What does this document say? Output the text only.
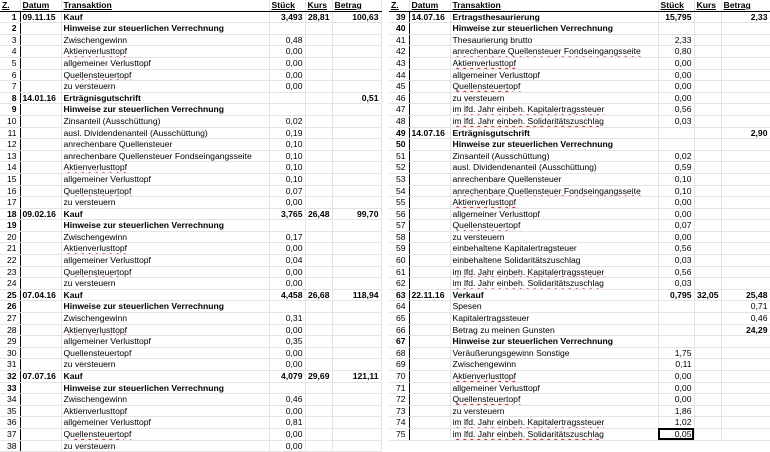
Z.	Datum	Transaktion	Stück	Kurs	Betrag
1	09.11.15	Kauf	3,493	28,81	100,63
2		Hinweise zur steuerlichen Verrechnung			
3		Zwischengewinn	0,48		
4		Aktienverlusttopf	0,00		
5		allgemeiner Verlusttopf	0,00		
6		Quellensteuertopf	0,00		
7		zu versteuern	0,00		
8	14.01.16	Erträgnisgutschrift			0,51
9		Hinweise zur steuerlichen Verrechnung			
10		Zinsanteil (Ausschüttung)	0,02		
11		ausl. Dividendenanteil (Ausschüttung)	0,19		
12		anrechenbare Quellensteuer	0,10		
13		anrechenbare Quellensteuer Fondseingangsseite	0,10		
14		Aktienverlusttopf	0,10		
15		allgemeiner Verlusttopf	0,10		
16		Quellensteuertopf	0,07		
17		zu versteuern	0,00		
18	09.02.16	Kauf	3,765	26,48	99,70
19		Hinweise zur steuerlichen Verrechnung			
20		Zwischengewinn	0,17		
21		Aktienverlusttopf	0,00		
22		allgemeiner Verlusttopf	0,04		
23		Quellensteuertopf	0,00		
24		zu versteuern	0,00		
25	07.04.16	Kauf	4,458	26,68	118,94
26		Hinweise zur steuerlichen Verrechnung			
27		Zwischengewinn	0,31		
28		Aktienverlusttopf	0,00		
29		allgemeiner Verlusttopf	0,35		
30		Quellensteuertopf	0,00		
31		zu versteuern	0,00		
32	07.07.16	Kauf	4,079	29,69	121,11
33		Hinweise zur steuerlichen Verrechnung			
34		Zwischengewinn	0,46		
35		Aktienverlusttopf	0,00		
36		allgemeiner Verlusttopf	0,81		
37		Quellensteuertopf	0,00		
38		zu versteuern	0,00		
Z.	Datum	Transaktion	Stück	Kurs	Betrag
39	14.07.16	Ertragsthesaurierung	15,795		2,33
40		Hinweise zur steuerlichen Verrechnung			
41		Thesaurierung brutto	2,33		
42		anrechenbare Quellensteuer Fondseingangsseite	0,80		
43		Aktienverlusttopf	0,00		
44		allgemeiner Verlusttopf	0,00		
45		Quellensteuertopf	0,00		
46		zu versteuern	0,00		
47		im lfd. Jahr einbeh. Kapitalertragssteuer	0,56		
48		im lfd. Jahr einbeh. Solidaritätszuschlag	0,03		
49	14.07.16	Erträgnisgutschrift			2,90
50		Hinweise zur steuerlichen Verrechnung			
51		Zinsanteil (Ausschüttung)	0,02		
52		ausl. Dividendenanteil (Ausschüttung)	0,59		
53		anrechenbare Quellensteuer	0,10		
54		anrechenbare Quellensteuer Fondseingangsseite	0,10		
55		Aktienverlusttopf	0,00		
56		allgemeiner Verlusttopf	0,00		
57		Quellensteuertopf	0,07		
58		zu versteuern	0,00		
59		einbehaltene Kapitalertragsteuer	0,56		
60		einbehaltene Solidaritätszuschlag	0,03		
61		im lfd. Jahr einbeh. Kapitalertragssteuer	0,56		
62		im lfd. Jahr einbeh. Solidaritätszuschlag	0,03		
63	22.11.16	Verkauf	0,795	32,05	25,48
64		Spesen			0,71
65		Kapitalertragssteuer			0,46
66		Betrag zu meinen Gunsten			24,29
67		Hinweise zur steuerlichen Verrechnung			
68		Veräußerungsgewinn Sonstige	1,75		
69		Zwischengewinn	0,11		
70		Aktienverlusttopf	0,00		
71		allgemeiner Verlusttopf	0,00		
72		Quellensteuertopf	0,00		
73		zu versteuern	1,86		
74		im lfd. Jahr einbeh. Kapitalertragssteuer	1,02		
75		im lfd. Jahr einbeh. Solidaritätszuschlag	0,05		
